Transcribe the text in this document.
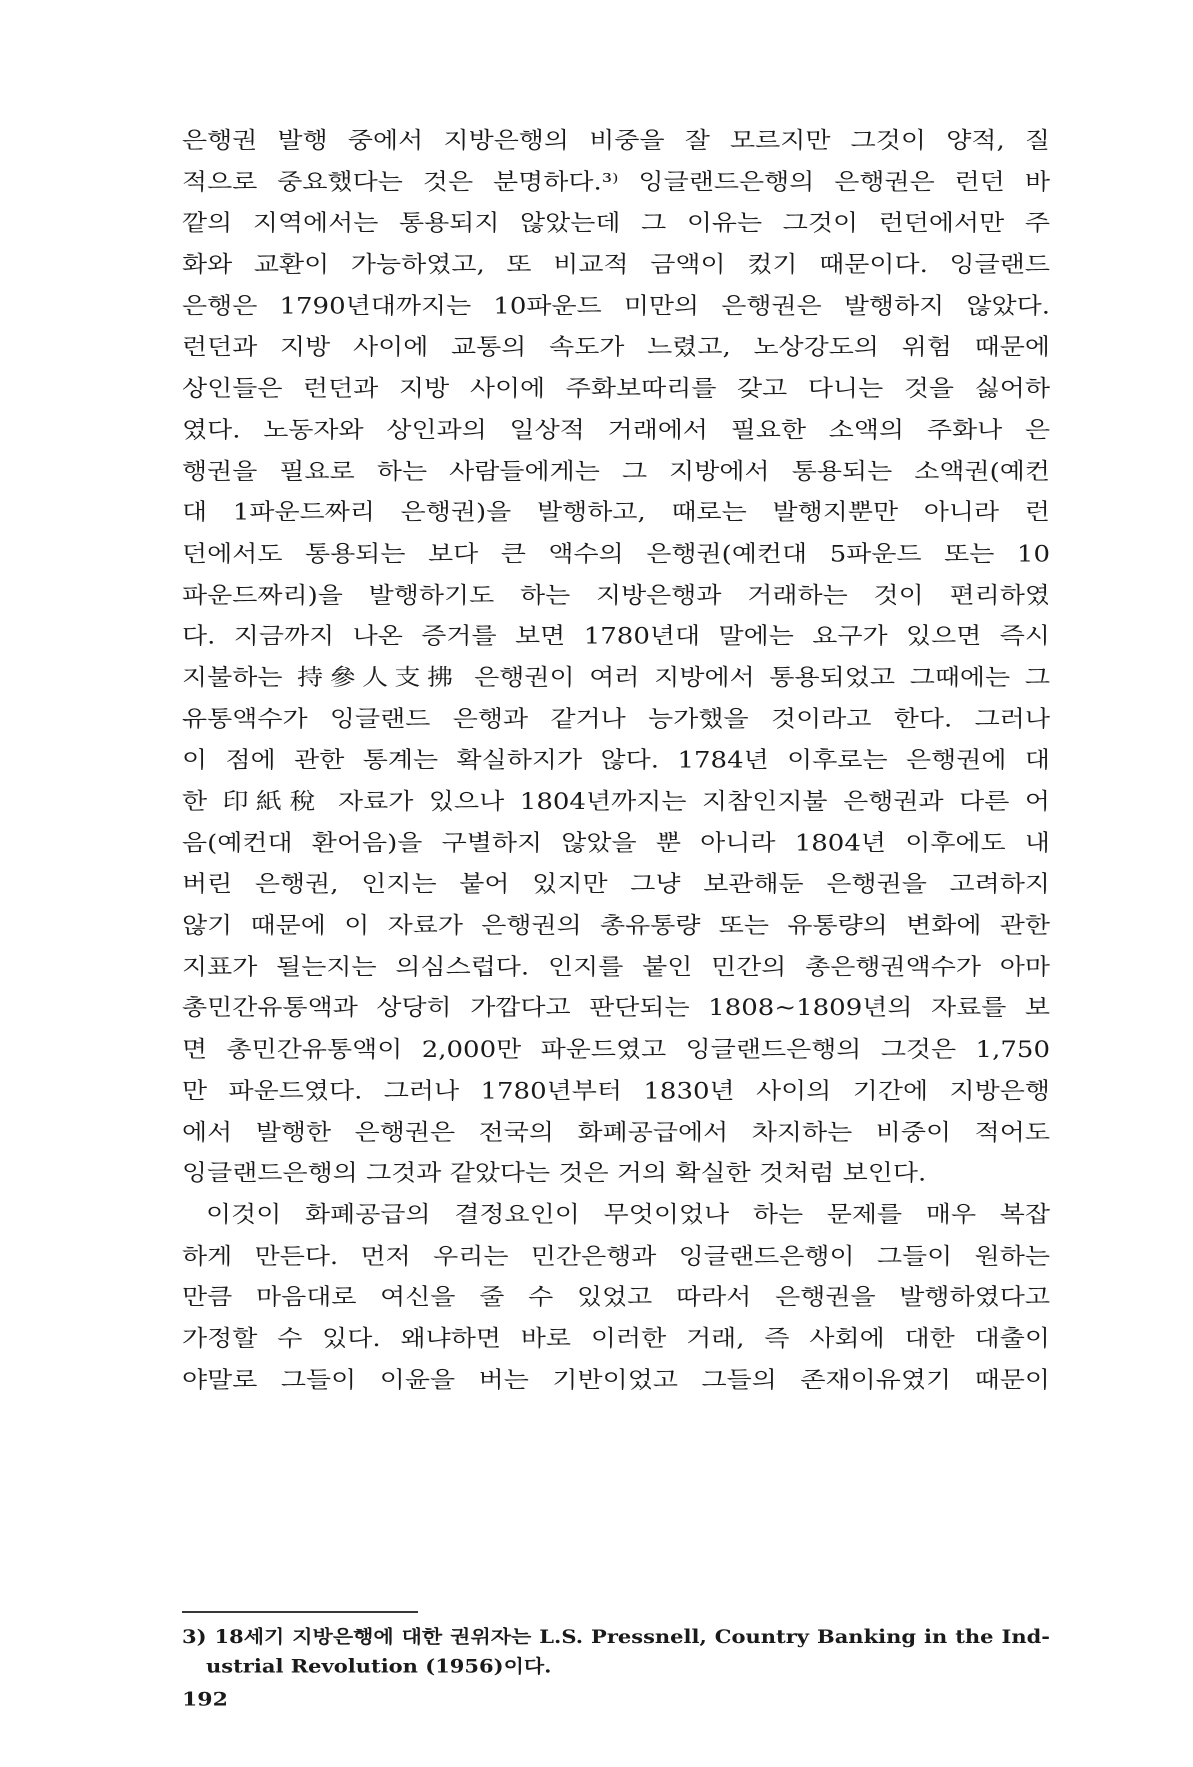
은행권 발행 중에서 지방은행의 비중을 잘 모르지만 그것이 양적, 질
적으로 중요했다는 것은 분명하다.³⁾ 잉글랜드은행의 은행권은 런던 바
깥의 지역에서는 통용되지 않았는데 그 이유는 그것이 런던에서만 주
화와 교환이 가능하였고, 또 비교적 금액이 컸기 때문이다. 잉글랜드
은행은 1790년대까지는 10파운드 미만의 은행권은 발행하지 않았다.
런던과 지방 사이에 교통의 속도가 느렸고, 노상강도의 위험 때문에
상인들은 런던과 지방 사이에 주화보따리를 갖고 다니는 것을 싫어하
였다. 노동자와 상인과의 일상적 거래에서 필요한 소액의 주화나 은
행권을 필요로 하는 사람들에게는 그 지방에서 통용되는 소액권(예컨
대 1파운드짜리 은행권)을 발행하고, 때로는 발행지뿐만 아니라 런
던에서도 통용되는 보다 큰 액수의 은행권(예컨대 5파운드 또는 10
파운드짜리)을 발행하기도 하는 지방은행과 거래하는 것이 편리하였
다. 지금까지 나온 증거를 보면 1780년대 말에는 요구가 있으면 즉시
지불하는 持參人支拂 은행권이 여러 지방에서 통용되었고 그때에는 그
유통액수가 잉글랜드 은행과 같거나 능가했을 것이라고 한다. 그러나
이 점에 관한 통계는 확실하지가 않다. 1784년 이후로는 은행권에 대
한 印紙稅 자료가 있으나 1804년까지는 지참인지불 은행권과 다른 어
음(예컨대 환어음)을 구별하지 않았을 뿐 아니라 1804년 이후에도 내
버린 은행권, 인지는 붙어 있지만 그냥 보관해둔 은행권을 고려하지
않기 때문에 이 자료가 은행권의 총유통량 또는 유통량의 변화에 관한
지표가 될는지는 의심스럽다. 인지를 붙인 민간의 총은행권액수가 아마
총민간유통액과 상당히 가깝다고 판단되는 1808~1809년의 자료를 보
면 총민간유통액이 2,000만 파운드였고 잉글랜드은행의 그것은 1,750
만 파운드였다. 그러나 1780년부터 1830년 사이의 기간에 지방은행
에서 발행한 은행권은 전국의 화폐공급에서 차지하는 비중이 적어도
잉글랜드은행의 그것과 같았다는 것은 거의 확실한 것처럼 보인다.
이것이 화폐공급의 결정요인이 무엇이었나 하는 문제를 매우 복잡
하게 만든다. 먼저 우리는 민간은행과 잉글랜드은행이 그들이 원하는
만큼 마음대로 여신을 줄 수 있었고 따라서 은행권을 발행하였다고
가정할 수 있다. 왜냐하면 바로 이러한 거래, 즉 사회에 대한 대출이
야말로 그들이 이윤을 버는 기반이었고 그들의 존재이유였기 때문이
3) 18세기 지방은행에 대한 권위자는 L.S. Pressnell, Country Banking in the Ind-
ustrial Revolution (1956)이다.
192
